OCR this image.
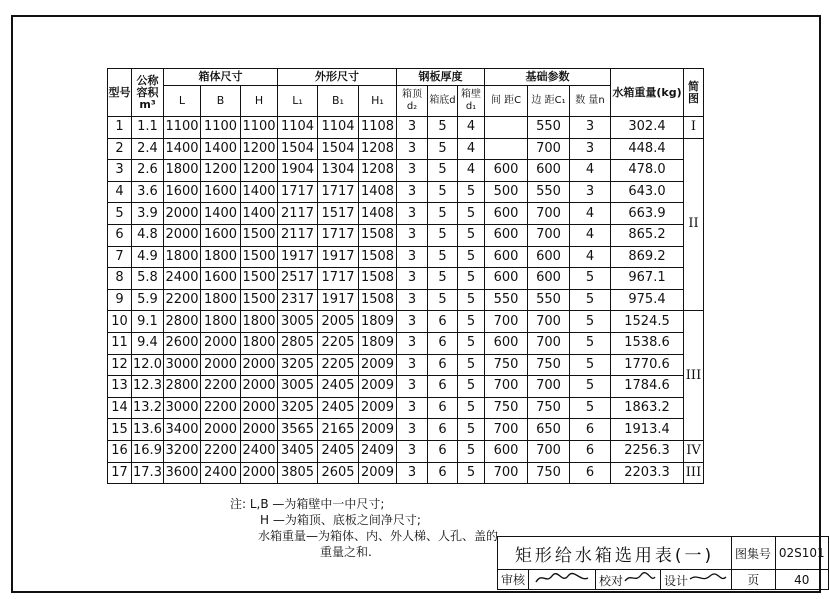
型号	公称容积m³	箱体尺寸			外形尺寸			钢板厚度			基础参数			水箱重量(kg)	简图
		L	B	H	L₁	B₁	H₁	箱顶d₂	箱底d	箱壁d₁	间 距C	边 距C₁	数 量n		
1	1.1	1100	1100	1100	1104	1104	1108	3	5	4		550	3	302.4	I
2	2.4	1400	1400	1200	1504	1504	1208	3	5	4		700	3	448.4	II
3	2.6	1800	1200	1200	1904	1304	1208	3	5	4	600	600	4	478.0	
4	3.6	1600	1600	1400	1717	1717	1408	3	5	5	500	550	3	643.0	
5	3.9	2000	1400	1400	2117	1517	1408	3	5	5	600	700	4	663.9	
6	4.8	2000	1600	1500	2117	1717	1508	3	5	5	600	700	4	865.2	
7	4.9	1800	1800	1500	1917	1917	1508	3	5	5	600	600	4	869.2	
8	5.8	2400	1600	1500	2517	1717	1508	3	5	5	600	600	5	967.1	
9	5.9	2200	1800	1500	2317	1917	1508	3	5	5	550	550	5	975.4	
10	9.1	2800	1800	1800	3005	2005	1809	3	6	5	700	700	5	1524.5	III
11	9.4	2600	2000	1800	2805	2205	1809	3	6	5	600	700	5	1538.6	
12	12.0	3000	2000	2000	3205	2205	2009	3	6	5	750	750	5	1770.6	
13	12.3	2800	2200	2000	3005	2405	2009	3	6	5	700	700	5	1784.6	
14	13.2	3000	2200	2000	3205	2405	2009	3	6	5	750	750	5	1863.2	
15	13.6	3400	2000	2000	3565	2165	2009	3	6	5	700	650	6	1913.4	
16	16.9	3200	2200	2400	3405	2405	2409	3	6	5	600	700	6	2256.3	IV
17	17.3	3600	2400	2000	3805	2605	2009	3	6	5	700	750	6	2203.3	III
注: L,B —为箱壁中一中尺寸;
H —为箱顶、底板之间净尺寸;
水箱重量—为箱体、内、外人梯、人孔、盖的
重量之和.	矩形给水箱选用表(一)				图集号	02S101
审核		校对	设计	页	40
